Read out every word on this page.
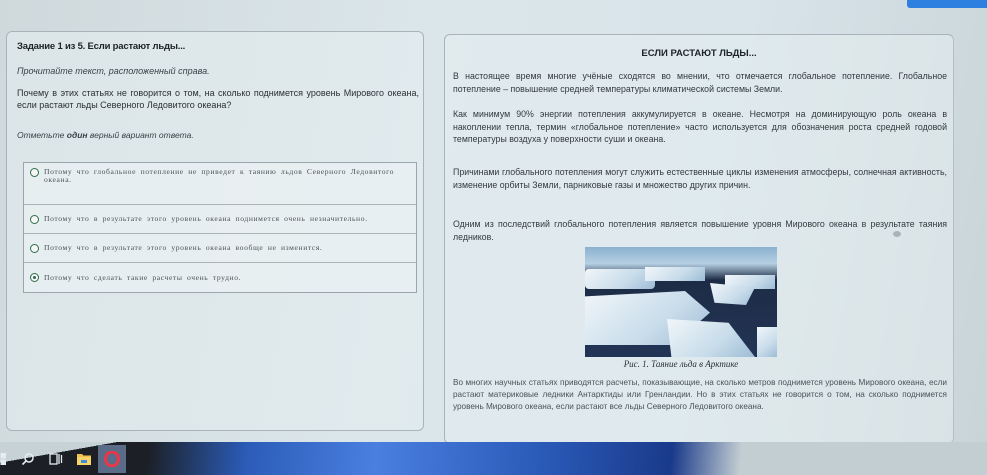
Задание 1 из 5. Если растают льды...
Прочитайте текст, расположенный справа.
Почему в этих статьях не говорится о том, на сколько поднимется уровень Мирового океана, если растают льды Северного Ледовитого океана?
Отметьте один верный вариант ответа.
Потому что глобальное потепление не приведет к таянию льдов Северного Ледовитого океана.
Потому что в результате этого уровень океана поднимется очень незначительно.
Потому что в результате этого уровень океана вообще не изменится.
Потому что сделать такие расчеты очень трудно.
ЕСЛИ РАСТАЮТ ЛЬДЫ...

В настоящее время многие учёные сходятся во мнении, что отмечается глобальное потепление. Глобальное потепление – повышение средней температуры климатической системы Земли.

Как минимум 90% энергии потепления аккумулируется в океане. Несмотря на доминирующую роль океана в накоплении тепла, термин «глобальное потепление» часто используется для обозначения роста средней годовой температуры воздуха у поверхности суши и океана.

Причинами глобального потепления могут служить естественные циклы изменения атмосферы, солнечная активность, изменение орбиты Земли, парниковые газы и множество других причин.

Одним из последствий глобального потепления является повышение уровня Мирового океана в результате таяния ледников.

Рис. 1. Таяние льда в Арктике

Во многих научных статьях приводятся расчеты, показывающие, на сколько метров поднимется уровень Мирового океана, если растают материковые ледники Антарктиды или Гренландии. Но в этих статьях не говорится о том, на сколько поднимется уровень Мирового океана, если растают все льды Северного Ледовитого океана.
